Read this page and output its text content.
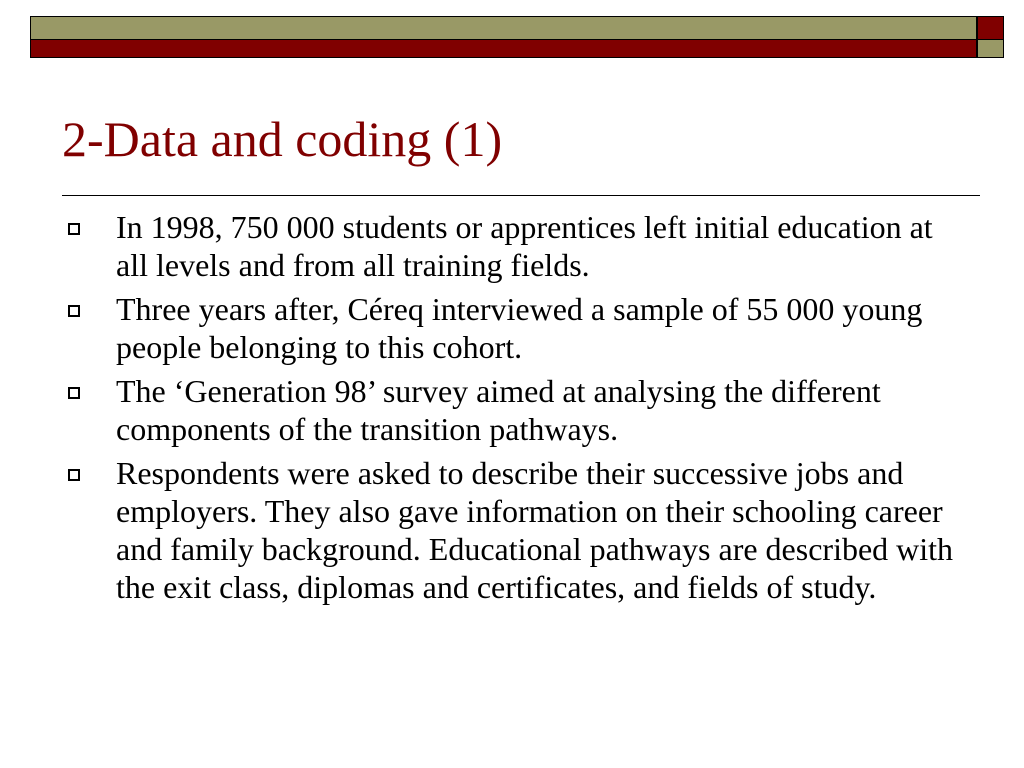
2-Data and coding (1)
In 1998, 750 000 students or apprentices left initial education at all levels and from all training fields.
Three years after, Céreq interviewed a sample of 55 000 young people belonging to this cohort.
The ‘Generation 98’ survey aimed at analysing the different components of the transition pathways.
Respondents were asked to describe their successive jobs and employers. They also gave information on their schooling career and family background. Educational pathways are described with the exit class, diplomas and certificates, and fields of study.
